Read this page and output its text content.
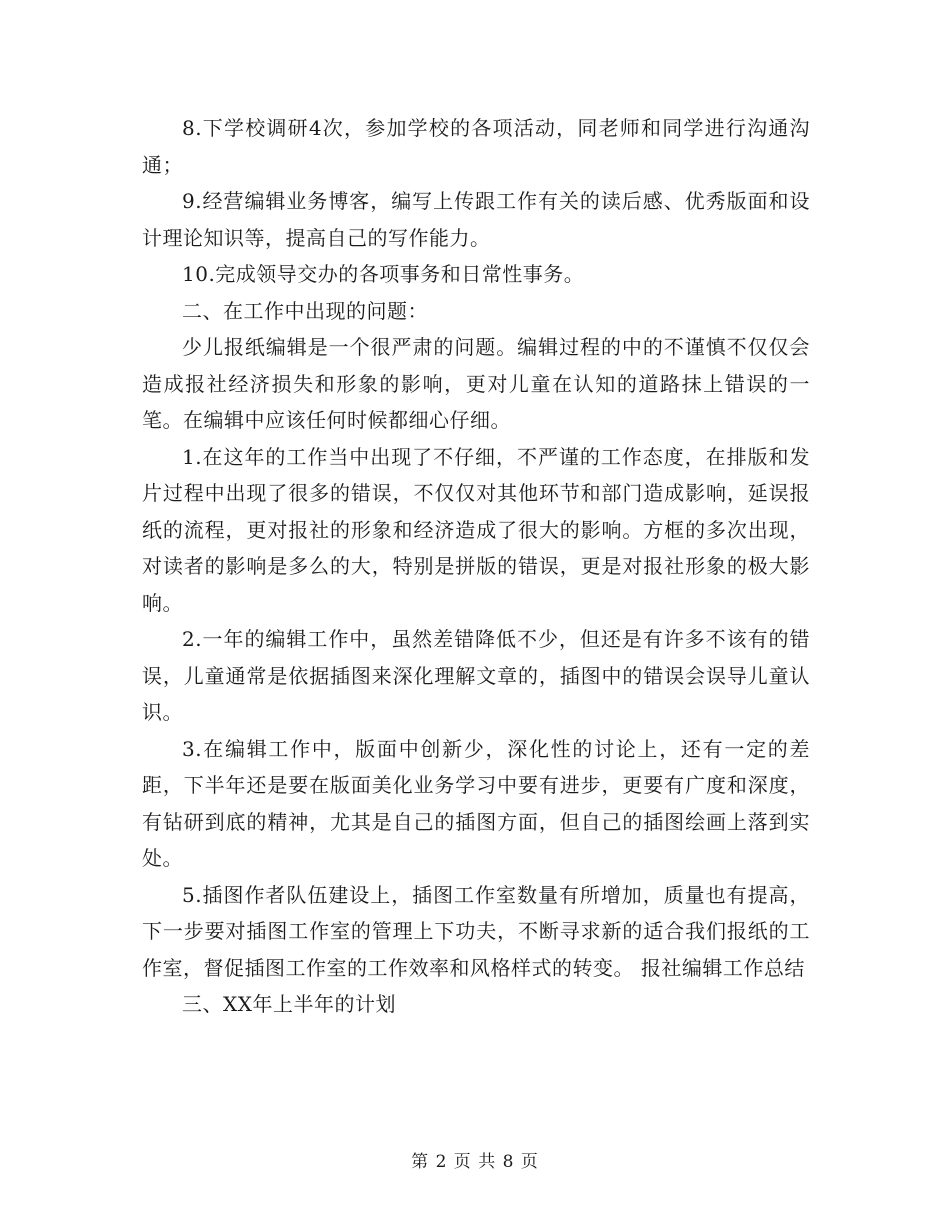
8.下学校调研4次，参加学校的各项活动，同老师和同学进行沟通沟通；

9.经营编辑业务博客，编写上传跟工作有关的读后感、优秀版面和设计理论知识等，提高自己的写作能力。

10.完成领导交办的各项事务和日常性事务。

二、在工作中出现的问题：

少儿报纸编辑是一个很严肃的问题。编辑过程的中的不谨慎不仅仅会造成报社经济损失和形象的影响，更对儿童在认知的道路抹上错误的一笔。在编辑中应该任何时候都细心仔细。

1.在这年的工作当中出现了不仔细，不严谨的工作态度，在排版和发片过程中出现了很多的错误，不仅仅对其他环节和部门造成影响，延误报纸的流程，更对报社的形象和经济造成了很大的影响。方框的多次出现，对读者的影响是多么的大，特别是拼版的错误，更是对报社形象的极大影响。

2.一年的编辑工作中，虽然差错降低不少，但还是有许多不该有的错误，儿童通常是依据插图来深化理解文章的，插图中的错误会误导儿童认识。

3.在编辑工作中，版面中创新少，深化性的讨论上，还有一定的差距，下半年还是要在版面美化业务学习中要有进步，更要有广度和深度，有钻研到底的精神，尤其是自己的插图方面，但自己的插图绘画上落到实处。

5.插图作者队伍建设上，插图工作室数量有所增加，质量也有提高，下一步要对插图工作室的管理上下功夫，不断寻求新的适合我们报纸的工作室，督促插图工作室的工作效率和风格样式的转变。 报社编辑工作总结

三、XX年上半年的计划

第 2 页 共 8 页
